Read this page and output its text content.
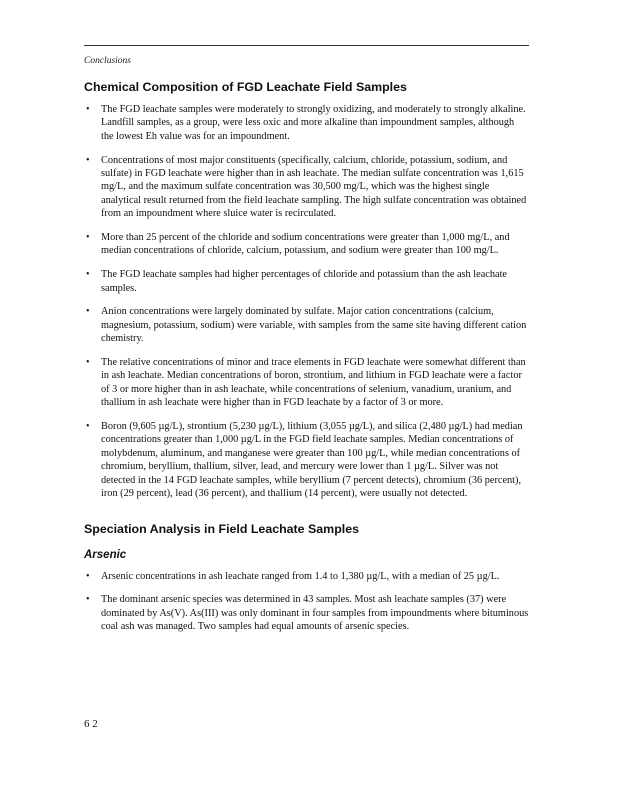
Conclusions
Chemical Composition of FGD Leachate Field Samples
• The FGD leachate samples were moderately to strongly oxidizing, and moderately to strongly alkaline. Landfill samples, as a group, were less oxic and more alkaline than impoundment samples, although the lowest Eh value was for an impoundment.
• Concentrations of most major constituents (specifically, calcium, chloride, potassium, sodium, and sulfate) in FGD leachate were higher than in ash leachate. The median sulfate concentration was 1,615 mg/L, and the maximum sulfate concentration was 30,500 mg/L, which was the highest single analytical result returned from the field leachate sampling. The high sulfate concentration was obtained from an impoundment where sluice water is recirculated.
• More than 25 percent of the chloride and sodium concentrations were greater than 1,000 mg/L, and median concentrations of chloride, calcium, potassium, and sodium were greater than 100 mg/L.
• The FGD leachate samples had higher percentages of chloride and potassium than the ash leachate samples.
• Anion concentrations were largely dominated by sulfate. Major cation concentrations (calcium, magnesium, potassium, sodium) were variable, with samples from the same site having different cation chemistry.
• The relative concentrations of minor and trace elements in FGD leachate were somewhat different than in ash leachate. Median concentrations of boron, strontium, and lithium in FGD leachate were a factor of 3 or more higher than in ash leachate, while concentrations of selenium, vanadium, uranium, and thallium in ash leachate were higher than in FGD leachate by a factor of 3 or more.
• Boron (9,605 µg/L), strontium (5,230 µg/L), lithium (3,055 µg/L), and silica (2,480 µg/L) had median concentrations greater than 1,000 µg/L in the FGD field leachate samples. Median concentrations of molybdenum, aluminum, and manganese were greater than 100 µg/L, while median concentrations of chromium, beryllium, thallium, silver, lead, and mercury were lower than 1 µg/L. Silver was not detected in the 14 FGD leachate samples, while beryllium (7 percent detects), chromium (36 percent), iron (29 percent), lead (36 percent), and thallium (14 percent), were usually not detected.
Speciation Analysis in Field Leachate Samples
Arsenic
• Arsenic concentrations in ash leachate ranged from 1.4 to 1,380 µg/L, with a median of 25 µg/L.
• The dominant arsenic species was determined in 43 samples. Most ash leachate samples (37) were dominated by As(V). As(III) was only dominant in four samples from impoundments where bituminous coal ash was managed. Two samples had equal amounts of arsenic species.
6 2
